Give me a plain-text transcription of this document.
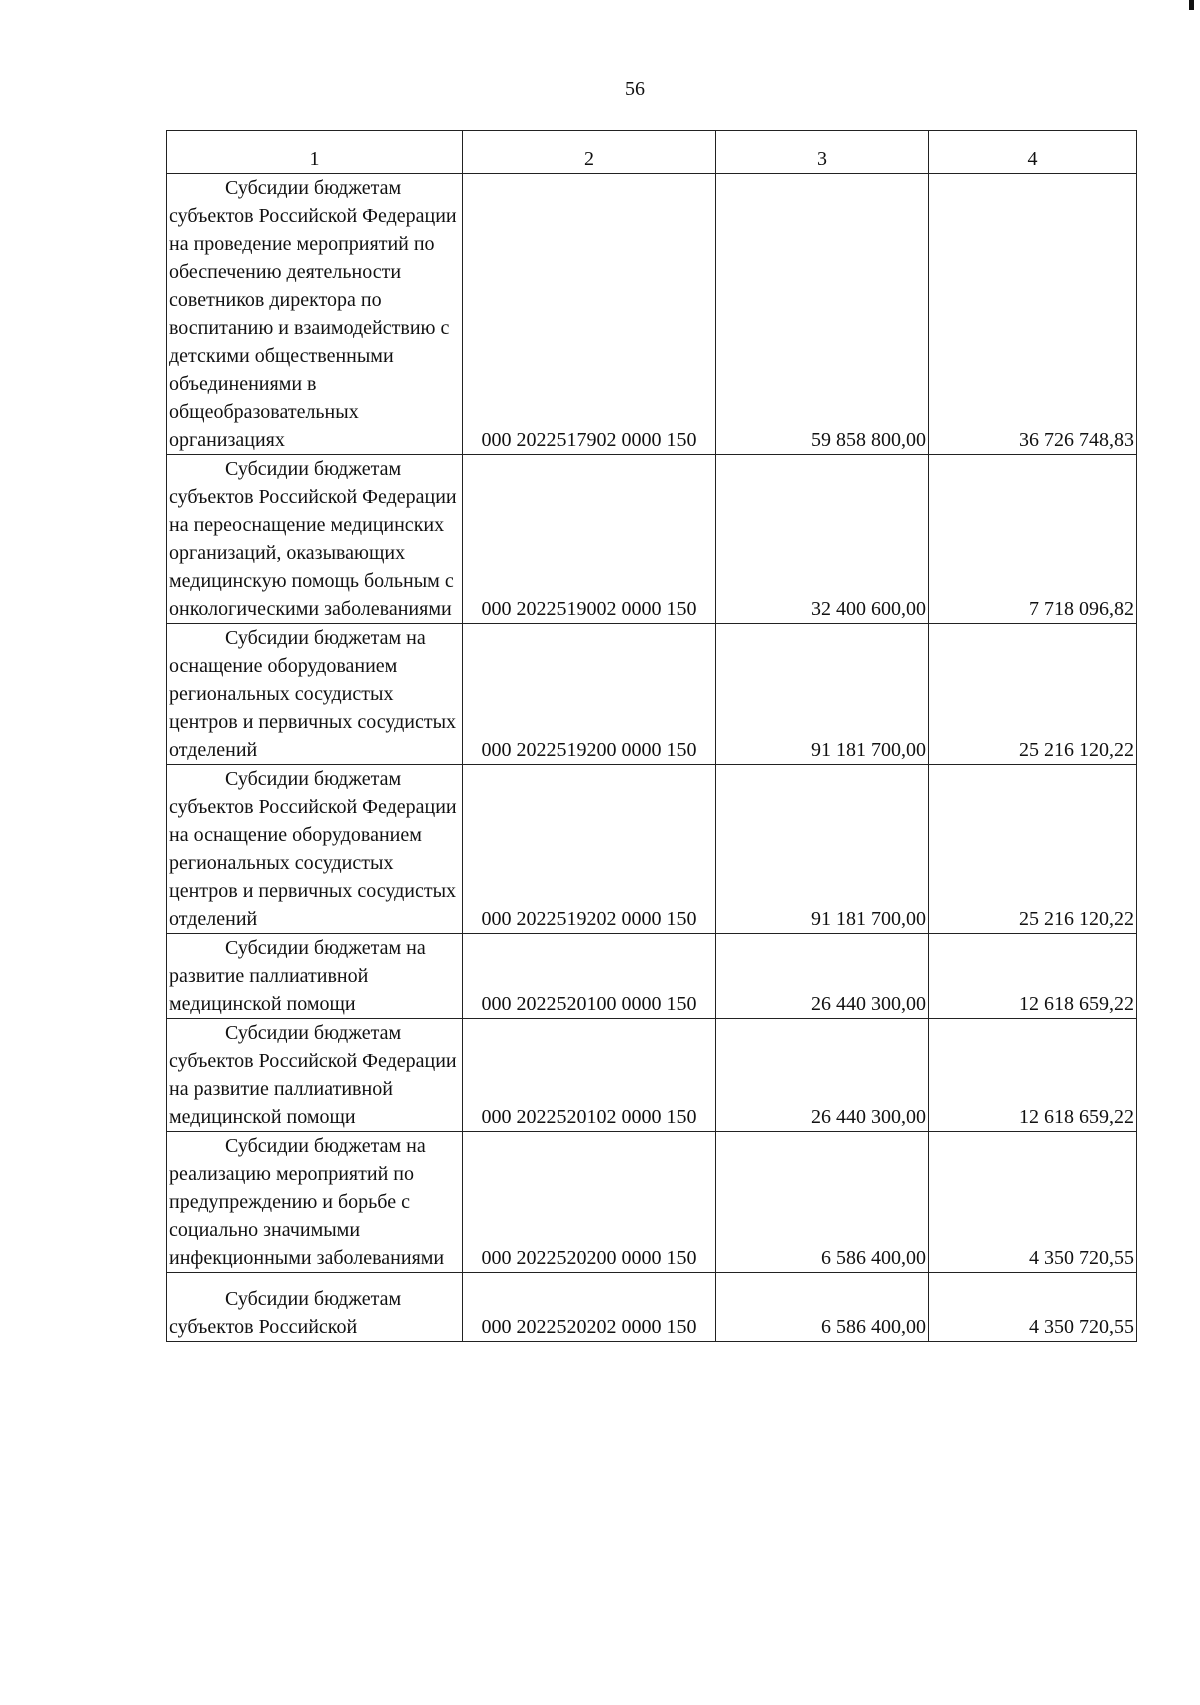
56
1	2	3	4

Субсидии бюджетам субъектов Российской Федерации на проведение мероприятий по обеспечению деятельности советников директора по воспитанию и взаимодействию с детскими общественными объединениями в общеобразовательных организациях	000 2022517902 0000 150	59 858 800,00	36 726 748,83

Субсидии бюджетам субъектов Российской Федерации на переоснащение медицинских организаций, оказывающих медицинскую помощь больным с онкологическими заболеваниями	000 2022519002 0000 150	32 400 600,00	7 718 096,82

Субсидии бюджетам на оснащение оборудованием региональных сосудистых центров и первичных сосудистых отделений	000 2022519200 0000 150	91 181 700,00	25 216 120,22

Субсидии бюджетам субъектов Российской Федерации на оснащение оборудованием региональных сосудистых центров и первичных сосудистых отделений	000 2022519202 0000 150	91 181 700,00	25 216 120,22

Субсидии бюджетам на развитие паллиативной медицинской помощи	000 2022520100 0000 150	26 440 300,00	12 618 659,22

Субсидии бюджетам субъектов Российской Федерации на развитие паллиативной медицинской помощи	000 2022520102 0000 150	26 440 300,00	12 618 659,22

Субсидии бюджетам на реализацию мероприятий по предупреждению и борьбе с социально значимыми инфекционными заболеваниями	000 2022520200 0000 150	6 586 400,00	4 350 720,55

Субсидии бюджетам субъектов Российской	000 2022520202 0000 150	6 586 400,00	4 350 720,55
